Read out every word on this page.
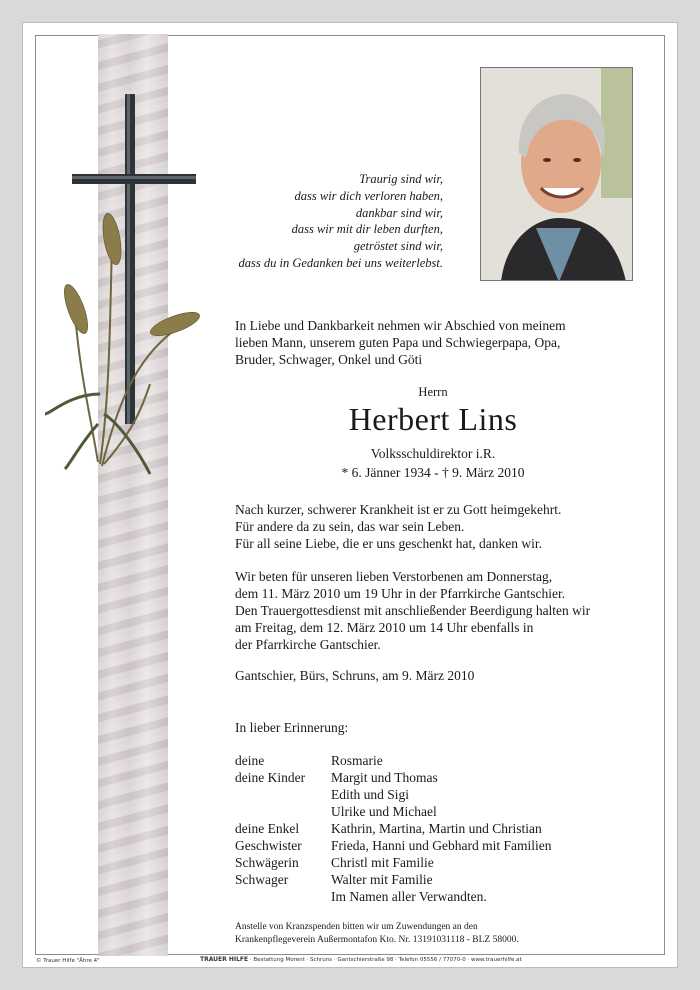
Traurig sind wir,
dass wir dich verloren haben,
dankbar sind wir,
dass wir mit dir leben durften,
getröstet sind wir,
dass du in Gedanken bei uns weiterlebst.
In Liebe und Dankbarkeit nehmen wir Abschied von meinem
lieben Mann, unserem guten Papa und Schwiegerpapa, Opa,
Bruder, Schwager, Onkel und Göti
Herrn
Herbert Lins
Volksschuldirektor i.R.
* 6. Jänner 1934 - † 9. März 2010
Nach kurzer, schwerer Krankheit ist er zu Gott heimgekehrt.
Für andere da zu sein, das war sein Leben.
Für all seine Liebe, die er uns geschenkt hat, danken wir.
Wir beten für unseren lieben Verstorbenen am Donnerstag,
dem 11. März 2010 um 19 Uhr in der Pfarrkirche Gantschier.
Den Trauergottesdienst mit anschließender Beerdigung halten wir
am Freitag, dem 12. März 2010 um 14 Uhr ebenfalls in
der Pfarrkirche Gantschier.
Gantschier, Bürs, Schruns, am 9. März 2010
In lieber Erinnerung:
deine	Rosmarie
deine Kinder	Margit und Thomas
	Edith und Sigi
	Ulrike und Michael
deine Enkel	Kathrin, Martina, Martin und Christian
Geschwister	Frieda, Hanni und Gebhard mit Familien
Schwägerin	Christl mit Familie
Schwager	Walter mit Familie
	Im Namen aller Verwandten.
Anstelle von Kranzspenden bitten wir um Zuwendungen an den
Krankenpflegeverein Außermontafon Kto. Nr. 13191031118 - BLZ 58000.
© Trauer Hilfe "Ähre 4"	TRAUER HILFE · Bestattung Morent · Schruns · Gantschierstraße 98 · Telefon 05556 / 77070-0 · www.trauerhilfe.at
